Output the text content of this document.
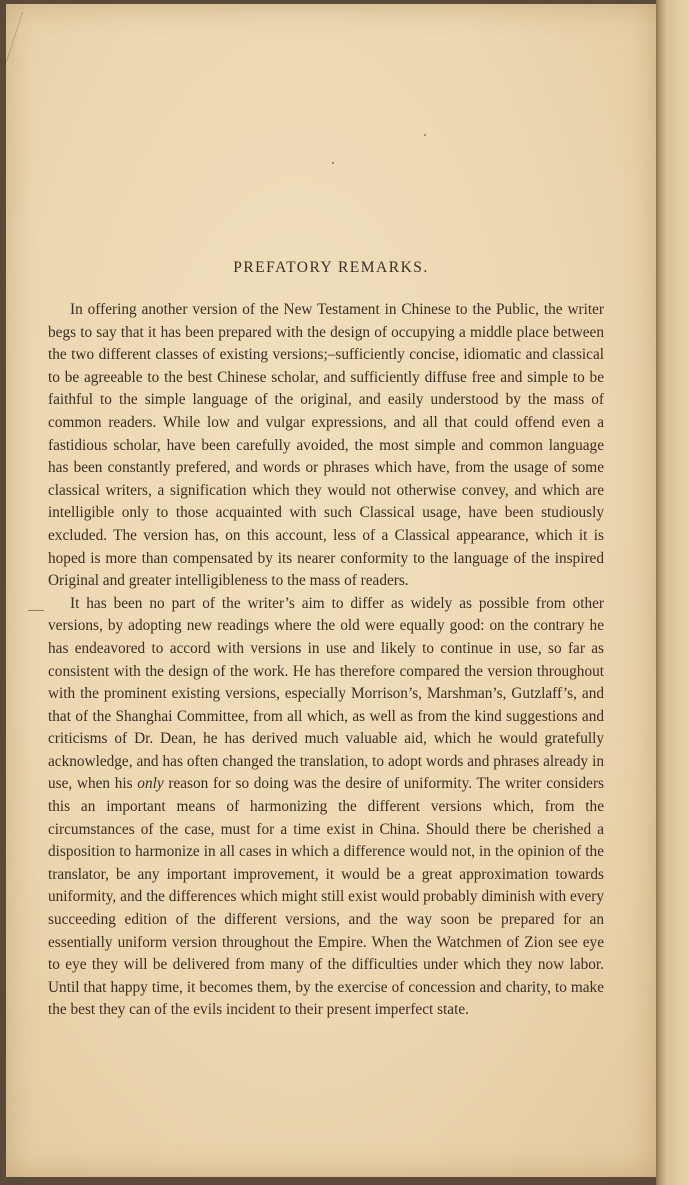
PREFATORY REMARKS.

In offering another version of the New Testament in Chinese to the Public, the writer begs to say that it has been prepared with the design of occupying a middle place between the two different classes of existing versions;–sufficiently concise, idiomatic and classical to be agreeable to the best Chinese scholar, and sufficiently diffuse free and simple to be faithful to the simple language of the original, and easily understood by the mass of common readers. While low and vulgar expressions, and all that could offend even a fastidious scholar, have been carefully avoided, the most simple and common language has been constantly prefered, and words or phrases which have, from the usage of some classical writers, a signification which they would not otherwise convey, and which are intelligible only to those acquainted with such Classical usage, have been studiously excluded. The version has, on this account, less of a Classical appearance, which it is hoped is more than compensated by its nearer conformity to the language of the inspired Original and greater intelligibleness to the mass of readers.

It has been no part of the writer’s aim to differ as widely as possible from other versions, by adopting new readings where the old were equally good: on the contrary he has endeavored to accord with versions in use and likely to continue in use, so far as consistent with the design of the work. He has therefore compared the version throughout with the prominent existing versions, especially Morrison’s, Marshman’s, Gutzlaff’s, and that of the Shanghai Committee, from all which, as well as from the kind suggestions and criticisms of Dr. Dean, he has derived much valuable aid, which he would gratefully acknowledge, and has often changed the translation, to adopt words and phrases already in use, when his only reason for so doing was the desire of uniformity. The writer considers this an important means of harmonizing the different versions which, from the circumstances of the case, must for a time exist in China. Should there be cherished a disposition to harmonize in all cases in which a difference would not, in the opinion of the translator, be any important improvement, it would be a great approximation towards uniformity, and the differences which might still exist would probably diminish with every succeeding edition of the different versions, and the way soon be prepared for an essentially uniform version throughout the Empire. When the Watchmen of Zion see eye to eye they will be delivered from many of the difficulties under which they now labor. Until that happy time, it becomes them, by the exercise of concession and charity, to make the best they can of the evils incident to their present imperfect state.
